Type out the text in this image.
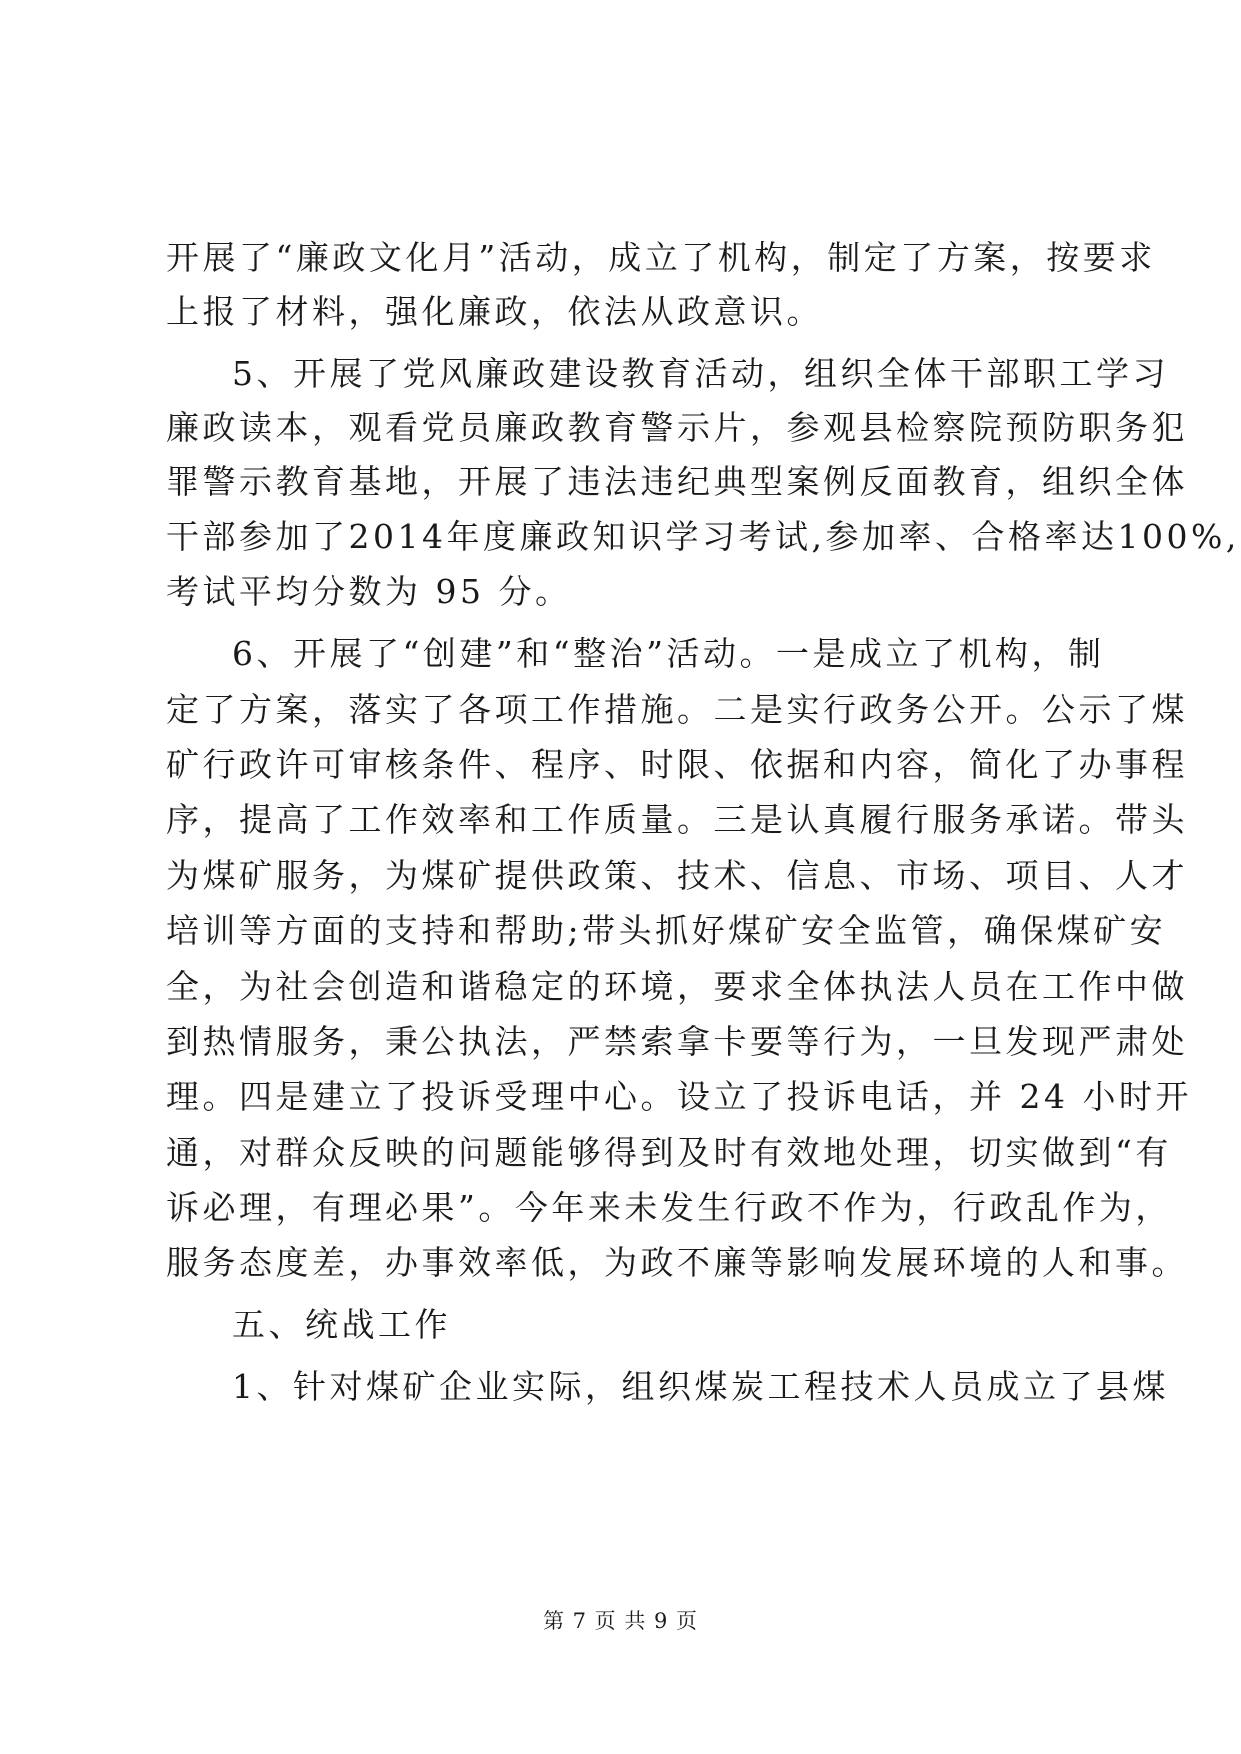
开展了“廉政文化月”活动，成立了机构，制定了方案，按要求
上报了材料，强化廉政，依法从政意识。
5、开展了党风廉政建设教育活动，组织全体干部职工学习
廉政读本，观看党员廉政教育警示片，参观县检察院预防职务犯
罪警示教育基地，开展了违法违纪典型案例反面教育，组织全体
干部参加了2014年度廉政知识学习考试,参加率、合格率达100%,
考试平均分数为 95 分。
6、开展了“创建”和“整治”活动。一是成立了机构，制
定了方案，落实了各项工作措施。二是实行政务公开。公示了煤
矿行政许可审核条件、程序、时限、依据和内容，简化了办事程
序，提高了工作效率和工作质量。三是认真履行服务承诺。带头
为煤矿服务，为煤矿提供政策、技术、信息、市场、项目、人才
培训等方面的支持和帮助;带头抓好煤矿安全监管，确保煤矿安
全，为社会创造和谐稳定的环境，要求全体执法人员在工作中做
到热情服务，秉公执法，严禁索拿卡要等行为，一旦发现严肃处
理。四是建立了投诉受理中心。设立了投诉电话，并 24 小时开
通，对群众反映的问题能够得到及时有效地处理，切实做到“有
诉必理，有理必果”。今年来未发生行政不作为，行政乱作为，
服务态度差，办事效率低，为政不廉等影响发展环境的人和事。
五、统战工作
1、针对煤矿企业实际，组织煤炭工程技术人员成立了县煤
第 7 页 共 9 页
